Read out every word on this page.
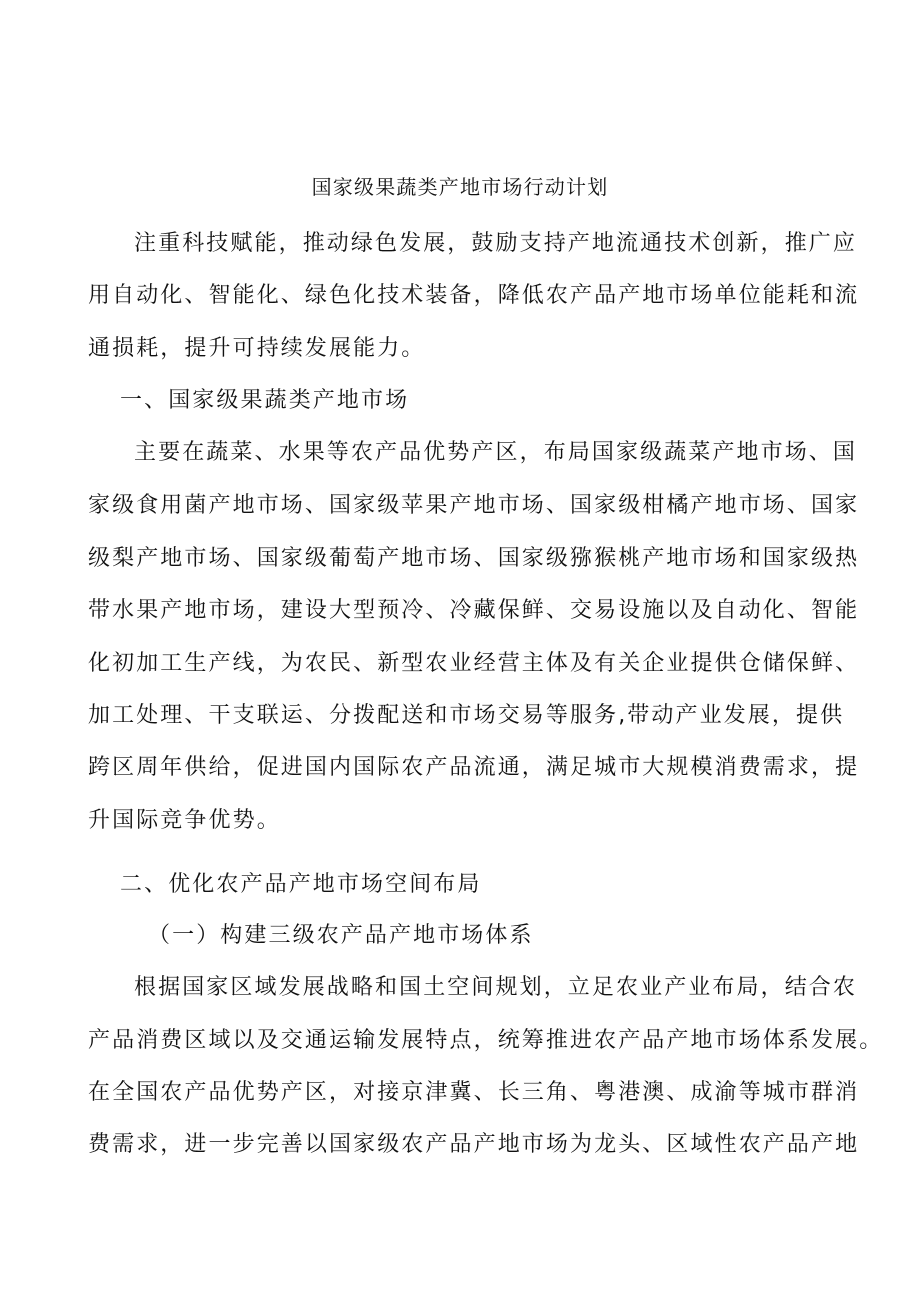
国家级果蔬类产地市场行动计划
注重科技赋能，推动绿色发展，鼓励支持产地流通技术创新，推广应
用自动化、智能化、绿色化技术装备，降低农产品产地市场单位能耗和流
通损耗，提升可持续发展能力。
一、国家级果蔬类产地市场
主要在蔬菜、水果等农产品优势产区，布局国家级蔬菜产地市场、国
家级食用菌产地市场、国家级苹果产地市场、国家级柑橘产地市场、国家
级梨产地市场、国家级葡萄产地市场、国家级猕猴桃产地市场和国家级热
带水果产地市场，建设大型预冷、冷藏保鲜、交易设施以及自动化、智能
化初加工生产线，为农民、新型农业经营主体及有关企业提供仓储保鲜、
加工处理、干支联运、分拨配送和市场交易等服务,带动产业发展，提供
跨区周年供给，促进国内国际农产品流通，满足城市大规模消费需求，提
升国际竞争优势。
二、优化农产品产地市场空间布局
（一）构建三级农产品产地市场体系
根据国家区域发展战略和国土空间规划，立足农业产业布局，结合农
产品消费区域以及交通运输发展特点，统筹推进农产品产地市场体系发展。
在全国农产品优势产区，对接京津冀、长三角、粤港澳、成渝等城市群消
费需求，进一步完善以国家级农产品产地市场为龙头、区域性农产品产地
